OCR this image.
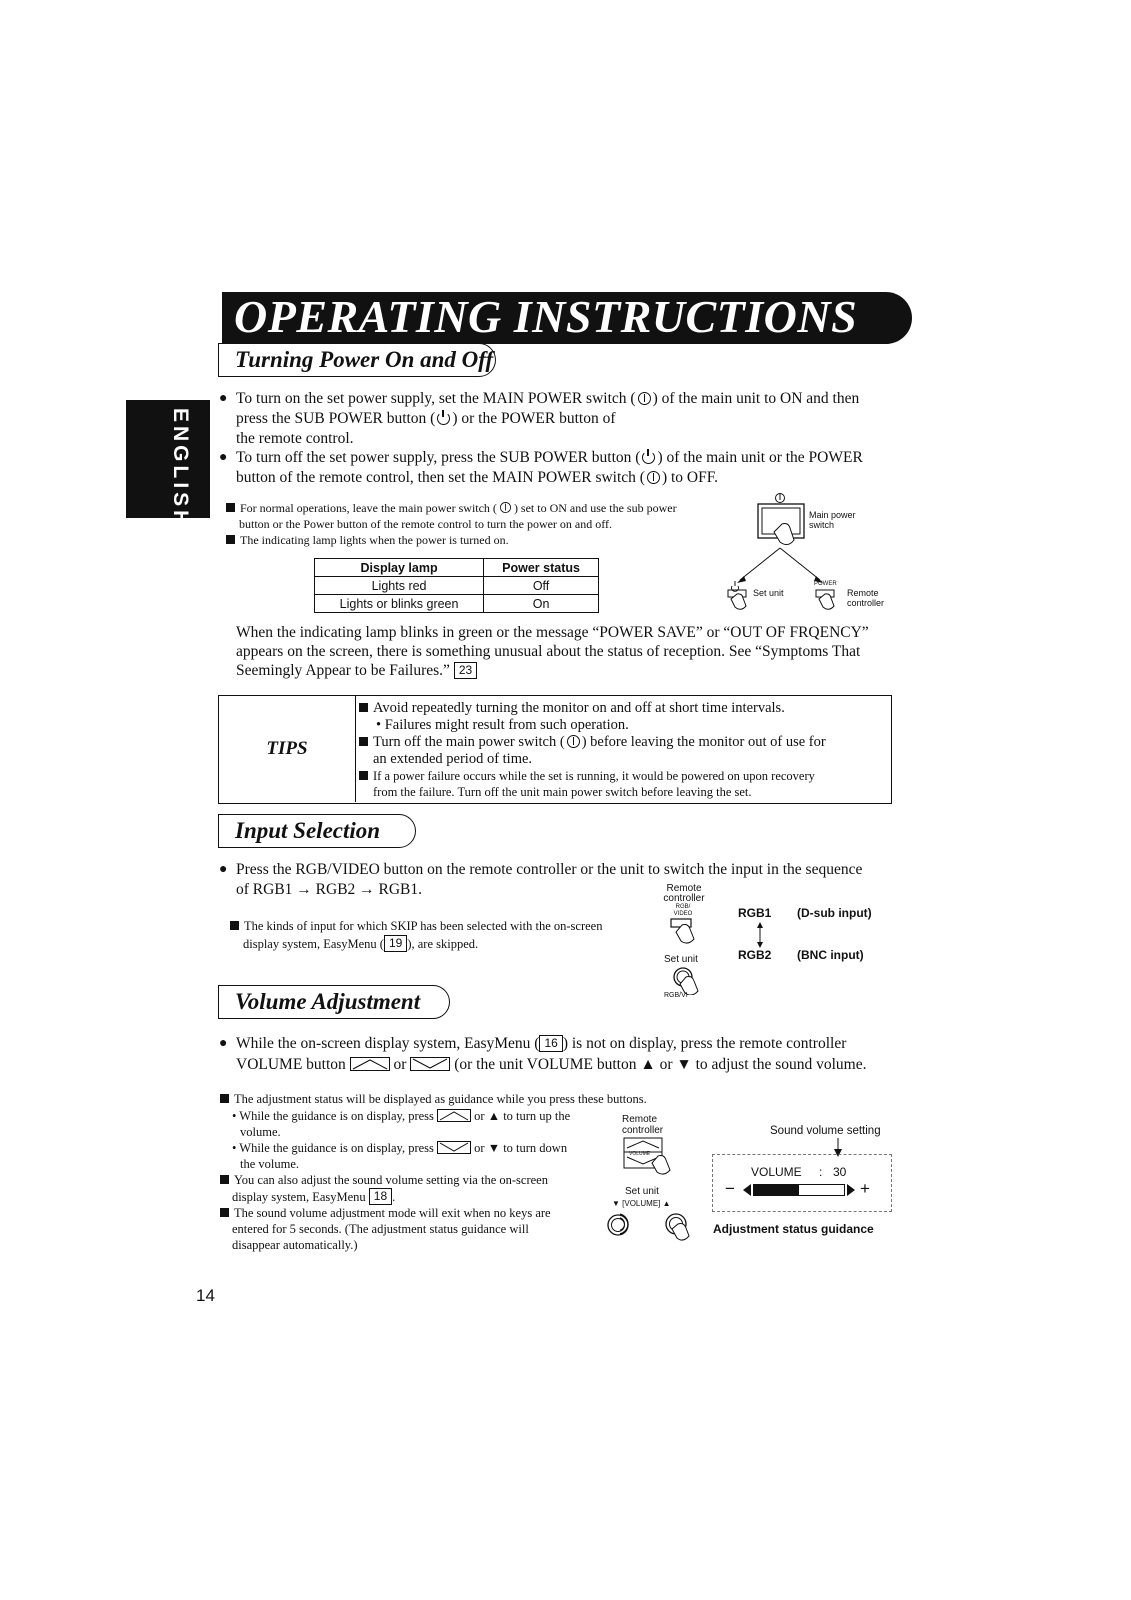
OPERATING INSTRUCTIONS
ENGLISH
Turning Power On and Off
● To turn on the set power supply, set the MAIN POWER switch ( ) of the main unit to ON and then
press the SUB POWER button ( ) or the POWER button of
the remote control.
● To turn off the set power supply, press the SUB POWER button ( ) of the main unit or the POWER
button of the remote control, then set the MAIN POWER switch ( ) to OFF.
For normal operations, leave the main power switch ( ) set to ON and use the sub power
button or the Power button of the remote control to turn the power on and off.
The indicating lamp lights when the power is turned on.
Display lamp	Power status
Lights red	Off
Lights or blinks green	On
Main power switch
Set unit
POWER
Remote controller
When the indicating lamp blinks in green or the message “POWER SAVE” or “OUT OF FRQENCY”
appears on the screen, there is something unusual about the status of reception. See “Symptoms That
Seemingly Appear to be Failures.” 23
TIPS
Avoid repeatedly turning the monitor on and off at short time intervals.
• Failures might result from such operation.
Turn off the main power switch ( ) before leaving the monitor out of use for
an extended period of time.
If a power failure occurs while the set is running, it would be powered on upon recovery
from the failure. Turn off the unit main power switch before leaving the set.
Input Selection
● Press the RGB/VIDEO button on the remote controller or the unit to switch the input in the sequence
of RGB1 → RGB2 → RGB1.
The kinds of input for which SKIP has been selected with the on-screen
display system, EasyMenu ( 19 ), are skipped.
Remote controller
RGB/ VIDEO
Set unit
RGB/VI
RGB1 (D-sub input)
RGB2 (BNC input)
Volume Adjustment
● While the on-screen display system, EasyMenu ( 16 ) is not on display, press the remote controller
VOLUME button	or	(or the unit VOLUME button ▲ or ▼ to adjust the sound volume.
The adjustment status will be displayed as guidance while you press these buttons.
• While the guidance is on display, press	or ▲ to turn up the
volume.
• While the guidance is on display, press	or ▼ to turn down
the volume.
You can also adjust the sound volume setting via the on-screen
display system, EasyMenu 18 .
The sound volume adjustment mode will exit when no keys are
entered for 5 seconds. (The adjustment status guidance will
disappear automatically.)
Remote controller
VOLUME
Set unit
▼ [VOLUME] ▲
Sound volume setting
VOLUME : 30
−	+
Adjustment status guidance
14
